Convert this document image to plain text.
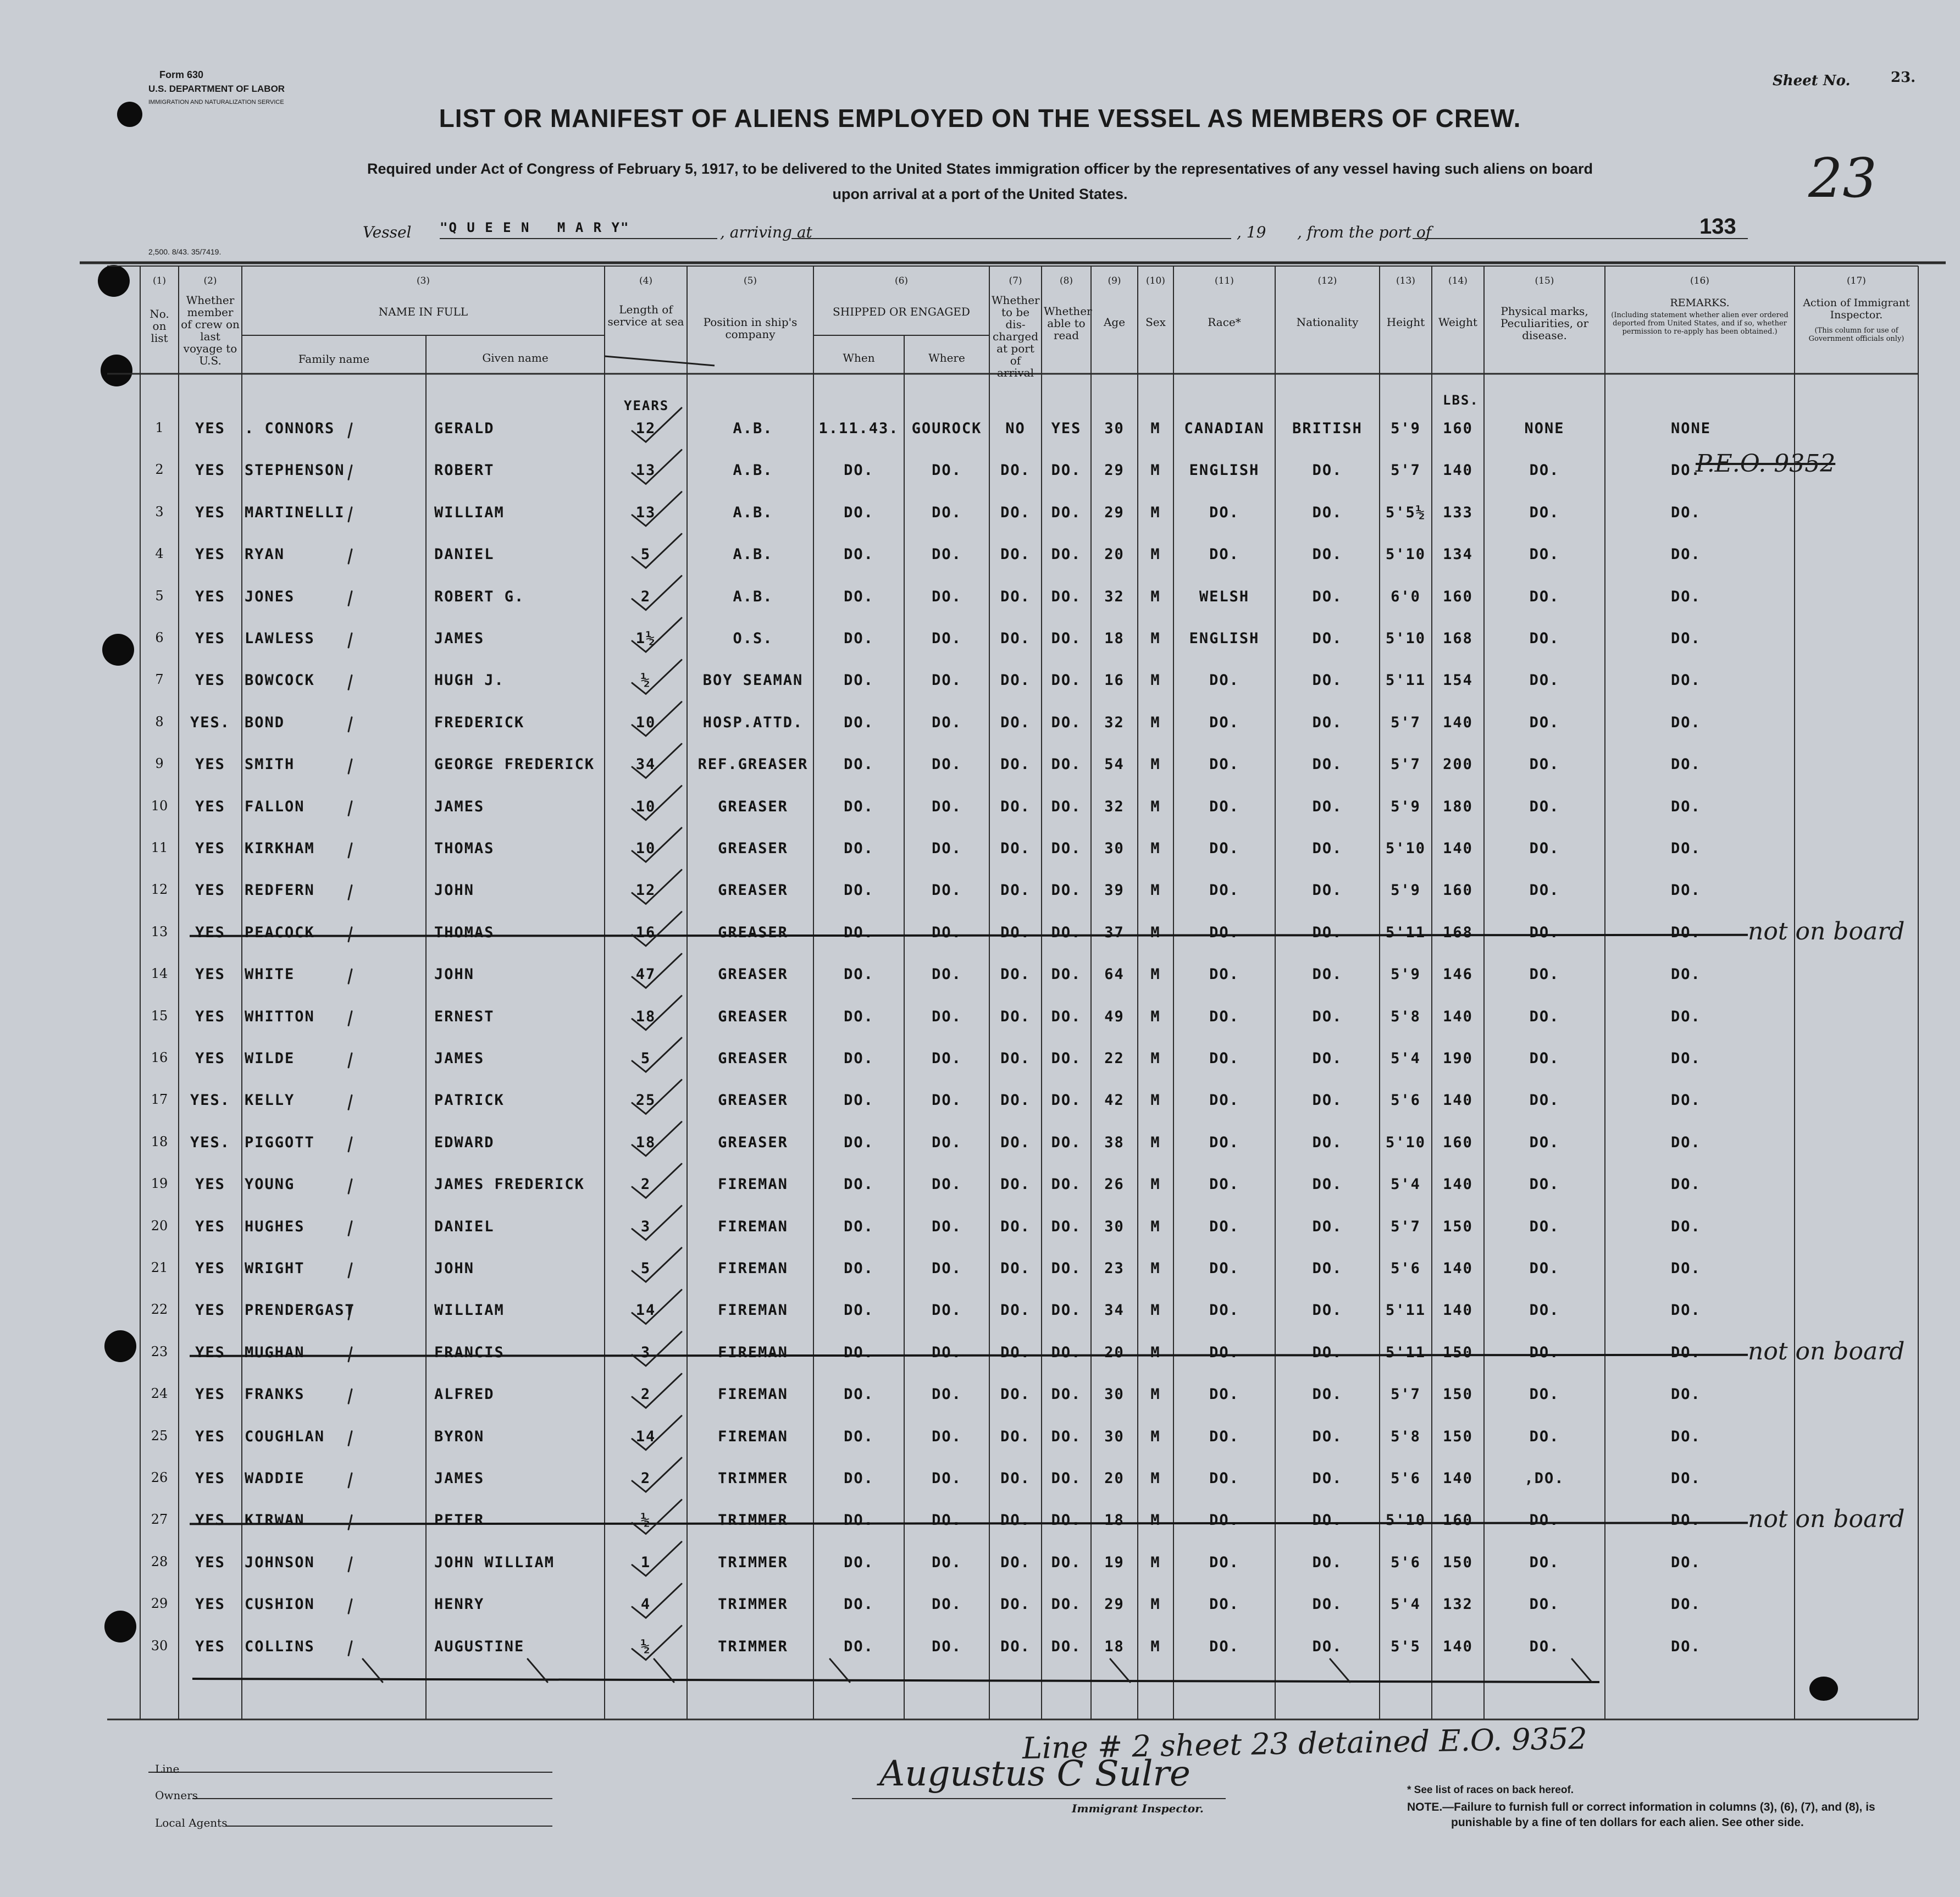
Form 630
U.S. DEPARTMENT OF LABOR
IMMIGRATION AND NATURALIZATION SERVICE
Sheet No.	23.
23
LIST OR MANIFEST OF ALIENS EMPLOYED ON THE VESSEL AS MEMBERS OF CREW.
Required under Act of Congress of February 5, 1917, to be delivered to the United States immigration officer by the representatives of any vessel having such aliens on board
upon arrival at a port of the United States.
Vessel "Q U E E N   M A R Y"	, arriving at	, 19 , from the port of	133
2,500. 8/43. 35/7419.
(1)
No. on list
(2)
Whether member of crew on last voyage to U.S.
(3)
NAME IN FULL
Family name	Given name
(4)
Length of service at sea
(5)
Position in ship's company
(6)
SHIPPED OR ENGAGED
When	Where
(7)
Whether to be dis- charged at port of arrival
(8)
Whether able to read
(9)
Age
(10)
Sex
(11)
Race*
(12)
Nationality
(13)
Height
(14)
Weight
(15)
Physical marks, Peculiarities, or disease.
(16)
REMARKS.
(Including statement whether alien ever ordered deported from United States, and if so, whether permission to re-apply has been obtained.)
(17)
Action of Immigrant Inspector.
(This column for use of Government officials only)
YEARS	LBS.
1	YES	. CONNORS	GERALD	12	A.B.	1.11.43. GOUROCK	NO	YES	30	M	CANADIAN	BRITISH	5'9	160	NONE	NONE
2	YES	STEPHENSON	ROBERT	13	A.B.	DO.	DO.	DO.	DO.	29	M	ENGLISH	DO.	5'7	140	DO.	DO.
3	YES	MARTINELLI	WILLIAM	13	A.B.	DO.	DO.	DO.	DO.	29	M	DO.	DO.	5'5½	133	DO.	DO.
4	YES	RYAN	DANIEL	5	A.B.	DO.	DO.	DO.	DO.	20	M	DO.	DO.	5'10	134	DO.	DO.
5	YES	JONES	ROBERT G.	2	A.B.	DO.	DO.	DO.	DO.	32	M	WELSH	DO.	6'0	160	DO.	DO.
6	YES	LAWLESS	JAMES	1½	O.S.	DO.	DO.	DO.	DO.	18	M	ENGLISH	DO.	5'10	168	DO.	DO.
7	YES	BOWCOCK	HUGH J.	½	BOY SEAMAN	DO.	DO.	DO.	DO.	16	M	DO.	DO.	5'11	154	DO.	DO.
8	YES. BOND	FREDERICK	10	HOSP.ATTD.	DO.	DO.	DO.	DO.	32	M	DO.	DO.	5'7	140	DO.	DO.
9	YES	SMITH	GEORGE FREDERICK	34	REF.GREASER	DO.	DO.	DO.	DO.	54	M	DO.	DO.	5'7	200	DO.	DO.
10	YES	FALLON	JAMES	10	GREASER	DO.	DO.	DO.	DO.	32	M	DO.	DO.	5'9	180	DO.	DO.
11	YES	KIRKHAM	THOMAS	10	GREASER	DO.	DO.	DO.	DO.	30	M	DO.	DO.	5'10	140	DO.	DO.
12	YES	REDFERN	JOHN	12	GREASER	DO.	DO.	DO.	DO.	39	M	DO.	DO.	5'9	160	DO.	DO.
13	YES	PEACOCK	THOMAS	16	GREASER	DO.	DO.	DO.	DO.	37	M	DO.	DO.	5'11	168	DO.	DO.	not on board
14	YES	WHITE	JOHN	47	GREASER	DO.	DO.	DO.	DO.	64	M	DO.	DO.	5'9	146	DO.	DO.
15	YES	WHITTON	ERNEST	18	GREASER	DO.	DO.	DO.	DO.	49	M	DO.	DO.	5'8	140	DO.	DO.
16	YES	WILDE	JAMES	5	GREASER	DO.	DO.	DO.	DO.	22	M	DO.	DO.	5'4	190	DO.	DO.
17	YES. KELLY	PATRICK	25	GREASER	DO.	DO.	DO.	DO.	42	M	DO.	DO.	5'6	140	DO.	DO.
18	YES. PIGGOTT	EDWARD	18	GREASER	DO.	DO.	DO.	DO.	38	M	DO.	DO.	5'10	160	DO.	DO.
19	YES	YOUNG	JAMES FREDERICK	2	FIREMAN	DO.	DO.	DO.	DO.	26	M	DO.	DO.	5'4	140	DO.	DO.
20	YES	HUGHES	DANIEL	3	FIREMAN	DO.	DO.	DO.	DO.	30	M	DO.	DO.	5'7	150	DO.	DO.
21	YES	WRIGHT	JOHN	5	FIREMAN	DO.	DO.	DO.	DO.	23	M	DO.	DO.	5'6	140	DO.	DO.
22	YES	PRENDERGAST	WILLIAM	14	FIREMAN	DO.	DO.	DO.	DO.	34	M	DO.	DO.	5'11	140	DO.	DO.
23	YES	MUGHAN	FRANCIS	3	FIREMAN	DO.	DO.	DO.	DO.	20	M	DO.	DO.	5'11	150	DO.	DO.	not on board
24	YES	FRANKS	ALFRED	2	FIREMAN	DO.	DO.	DO.	DO.	30	M	DO.	DO.	5'7	150	DO.	DO.
25	YES	COUGHLAN	BYRON	14	FIREMAN	DO.	DO.	DO.	DO.	30	M	DO.	DO.	5'8	150	DO.	DO.
26	YES	WADDIE	JAMES	2	TRIMMER	DO.	DO.	DO.	DO.	20	M	DO.	DO.	5'6	140	,DO.	DO.
27	YES	KIRWAN	PETER	½	TRIMMER	DO.	DO.	DO.	DO.	18	M	DO.	DO.	5'10	160	DO.	DO.	not on board
28	YES	JOHNSON	JOHN WILLIAM	1	TRIMMER	DO.	DO.	DO.	DO.	19	M	DO.	DO.	5'6	150	DO.	DO.
29	YES	CUSHION	HENRY	4	TRIMMER	DO.	DO.	DO.	DO.	29	M	DO.	DO.	5'4	132	DO.	DO.
30	YES	COLLINS	AUGUSTINE	½	TRIMMER	DO.	DO.	DO.	DO.	18	M	DO.	DO.	5'5	140	DO.	DO.
P.E.O. 9352
Line # 2 sheet 23 detained E.O. 9352
Line
Owners
Local Agents
Augustus C Sulre
Immigrant Inspector.
* See list of races on back hereof.
NOTE.—Failure to furnish full or correct information in columns (3), (6), (7), and (8), is
punishable by a fine of ten dollars for each alien. See other side.
